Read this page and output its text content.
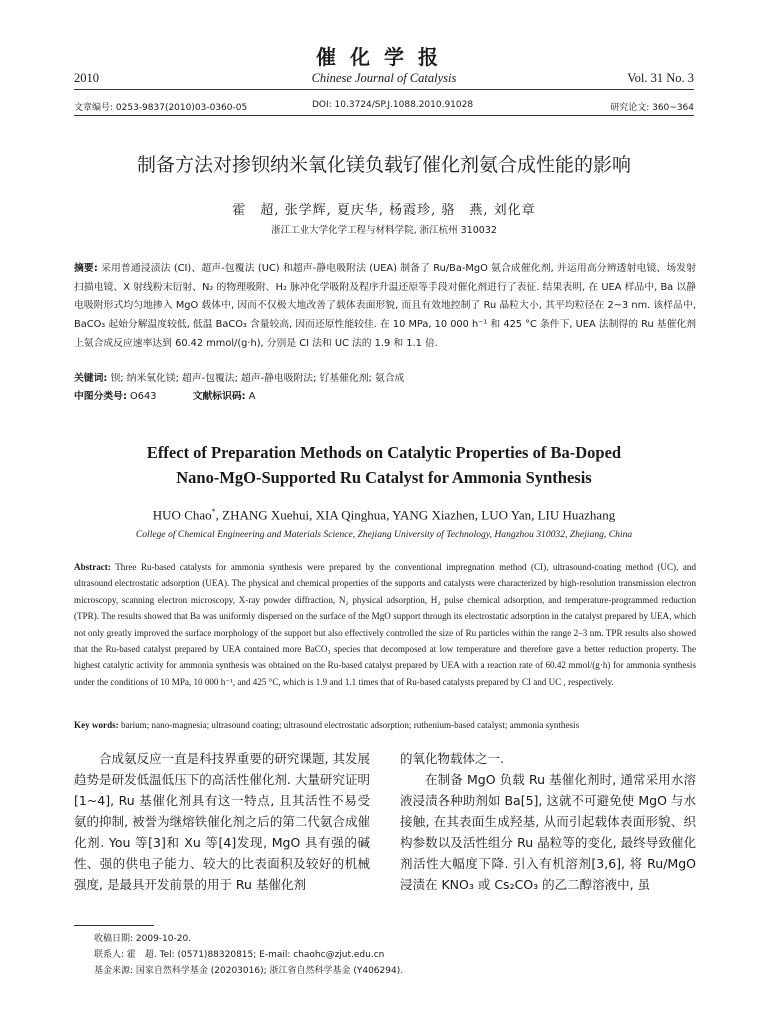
催化学报
2010	Chinese Journal of Catalysis	Vol. 31 No. 3
文章编号: 0253-9837(2010)03-0360-05	DOI: 10.3724/SP.J.1088.2010.91028	研究论文: 360~364
制备方法对掺钡纳米氧化镁负载钌催化剂氨合成性能的影响
霍　超, 张学辉, 夏庆华, 杨霞珍, 骆　燕, 刘化章
浙江工业大学化学工程与材料学院, 浙江杭州 310032
摘要: 采用普通浸渍法 (CI)、超声-包覆法 (UC) 和超声-静电吸附法 (UEA) 制备了 Ru/Ba-MgO 氨合成催化剂, 并运用高分辨透射电镜、场发射扫描电镜、X 射线粉末衍射、N₂ 的物理吸附、H₂ 脉冲化学吸附及程序升温还原等手段对催化剂进行了表征. 结果表明, 在 UEA 样品中, Ba 以静电吸附形式均匀地掺入 MgO 载体中, 因而不仅极大地改善了载体表面形貌, 而且有效地控制了 Ru 晶粒大小, 其平均粒径在 2~3 nm. 该样品中, BaCO₃ 起始分解温度较低, 低温 BaCO₃ 含量较高, 因而还原性能较佳. 在 10 MPa, 10 000 h⁻¹ 和 425 °C 条件下, UEA 法制得的 Ru 基催化剂上氨合成反应速率达到 60.42 mmol/(g·h), 分别是 CI 法和 UC 法的 1.9 和 1.1 倍.
关键词: 钡; 纳米氧化镁; 超声-包覆法; 超声-静电吸附法; 钌基催化剂; 氨合成
中图分类号: O643	文献标识码: A
Effect of Preparation Methods on Catalytic Properties of Ba-Doped
Nano-MgO-Supported Ru Catalyst for Ammonia Synthesis
HUO Chao*, ZHANG Xuehui, XIA Qinghua, YANG Xiazhen, LUO Yan, LIU Huazhang
College of Chemical Engineering and Materials Science, Zhejiang University of Technology, Hangzhou 310032, Zhejiang, China
Abstract: Three Ru-based catalysts for ammonia synthesis were prepared by the conventional impregnation method (CI), ultrasound-coating method (UC), and ultrasound electrostatic adsorption (UEA). The physical and chemical properties of the supports and catalysts were characterized by high-resolution transmission electron microscopy, scanning electron microscopy, X-ray powder diffraction, N₂ physical adsorption, H₂ pulse chemical adsorption, and temperature-programmed reduction (TPR). The results showed that Ba was uniformly dispersed on the surface of the MgO support through its electrostatic adsorption in the catalyst prepared by UEA, which not only greatly improved the surface morphology of the support but also effectively controlled the size of Ru particles within the range 2–3 nm. TPR results also showed that the Ru-based catalyst prepared by UEA contained more BaCO₃ species that decomposed at low temperature and therefore gave a better reduction property. The highest catalytic activity for ammonia synthesis was obtained on the Ru-based catalyst prepared by UEA with a reaction rate of 60.42 mmol/(g·h) for ammonia synthesis under the conditions of 10 MPa, 10 000 h⁻¹, and 425 °C, which is 1.9 and 1.1 times that of Ru-based catalysts prepared by CI and UC , respectively.
Key words: barium; nano-magnesia; ultrasound coating; ultrasound electrostatic adsorption; ruthenium-based catalyst; ammonia synthesis

合成氨反应一直是科技界重要的研究课题, 其发展趋势是研发低温低压下的高活性催化剂. 大量研究证明[1~4], Ru 基催化剂具有这一特点, 且其活性不易受氨的抑制, 被誉为继熔铁催化剂之后的第二代氨合成催化剂. You 等[3]和 Xu 等[4]发现, MgO 具有强的碱性、强的供电子能力、较大的比表面积及较好的机械强度, 是最具开发前景的用于 Ru 基催化剂

的氧化物载体之一.

在制备 MgO 负载 Ru 基催化剂时, 通常采用水溶液浸渍各种助剂如 Ba[5], 这就不可避免使 MgO 与水接触, 在其表面生成羟基, 从而引起载体表面形貌、织构参数以及活性组分 Ru 晶粒等的变化, 最终导致催化剂活性大幅度下降. 引入有机溶剂[3,6], 将 Ru/MgO 浸渍在 KNO₃ 或 Cs₂CO₃ 的乙二醇溶液中, 虽

收稿日期: 2009-10-20.
联系人: 霍　超. Tel: (0571)88320815; E-mail: chaohc@zjut.edu.cn
基金来源: 国家自然科学基金 (20203016); 浙江省自然科学基金 (Y406294).
